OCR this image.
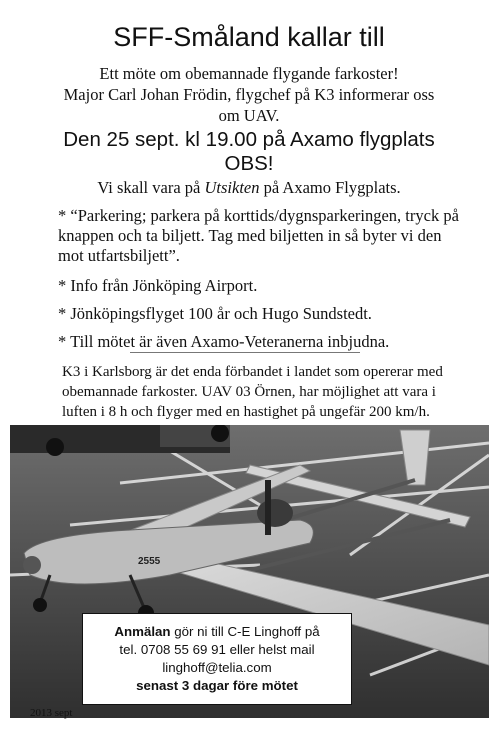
SFF-Småland kallar till
Ett möte om obemannade flygande farkoster!
Major Carl Johan Frödin, flygchef på K3 informerar oss
om UAV.
Den 25 sept. kl 19.00 på Axamo flygplats
OBS!
Vi skall vara på Utsikten på Axamo Flygplats.
* “Parkering; parkera på korttids/dygnsparkeringen, tryck på knappen och ta biljett. Tag med biljetten in så byter vi den mot utfartsbiljett”.

* Info från Jönköping Airport.

* Jönköpingsflyget 100 år och Hugo Sundstedt.

* Till mötet är även Axamo-Veteranerna inbjudna.

K3 i Karlsborg är det enda förbandet i landet som opererar med obemannade farkoster. UAV 03 Örnen, har möjlighet att vara i luften i 8 h och flyger med en hastighet på ungefär 200 km/h.
2555
Anmälan gör ni till C-E Linghoff på
tel. 0708 55 69 91 eller helst mail
linghoff@telia.com
senast 3 dagar före mötet
2013 sept
